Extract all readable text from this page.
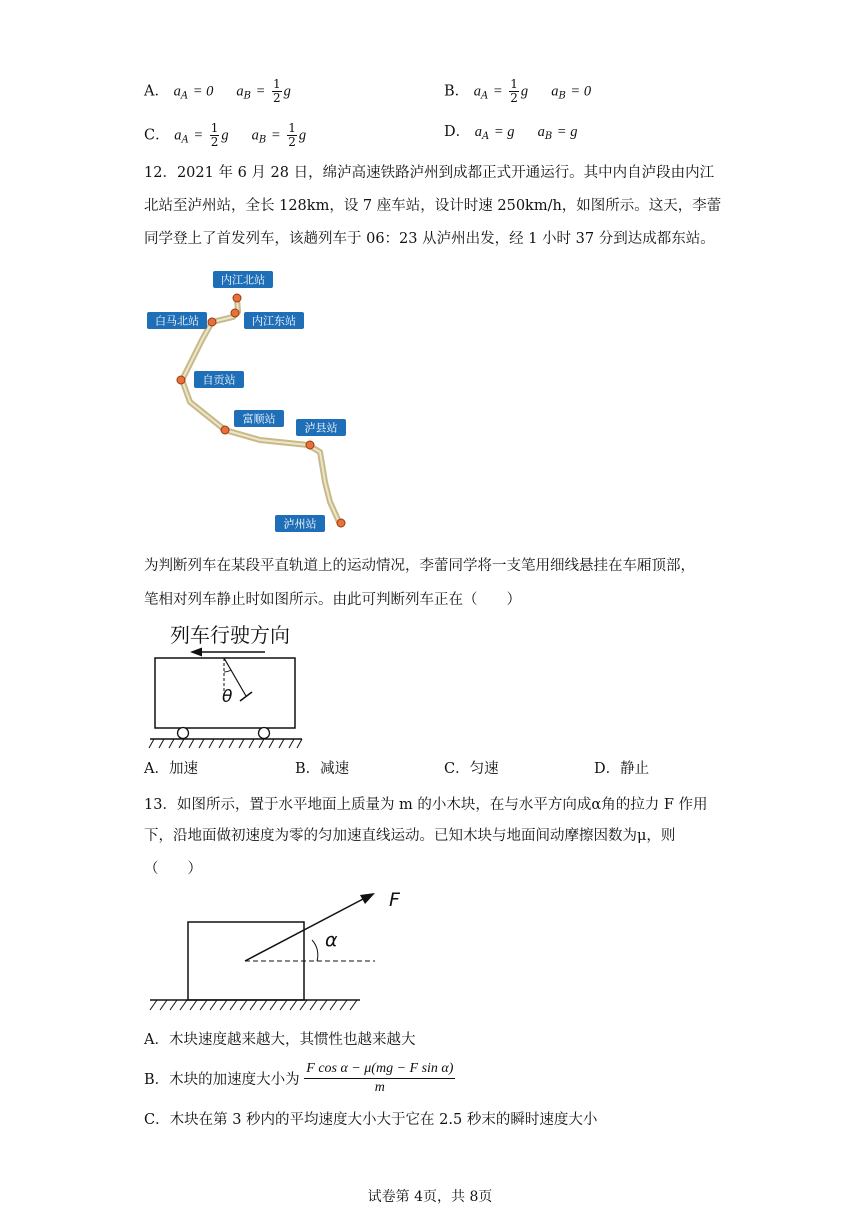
A． $a_A = 0$ $a_B = \frac{1}{2}$ g	B． $a_A = \frac{1}{2}$ g $a_B = 0$
C． $a_A = \frac{1}{2}$ g $a_B = \frac{1}{2}$ g	D． $a_A = g$ $a_B = g$
12．2021 年 6 月 28 日，绵泸高速铁路泸州到成都正式开通运行。其中内自泸段由内江
北站至泸州站，全长 128km，设 7 座车站，设计时速 250km/h，如图所示。这天，李蕾
同学登上了首发列车，该趟列车于 06：23 从泸州出发，经 1 小时 37 分到达成都东站。
内江北站
内江东站
白马北站
自贡站
富顺站
泸县站
泸州站
为判断列车在某段平直轨道上的运动情况，李蕾同学将一支笔用细线悬挂在车厢顶部，
笔相对列车静止时如图所示。由此可判断列车正在（　　）
列车行驶方向
θ
A．加速	B．减速	C．匀速	D．静止
13．如图所示，置于水平地面上质量为 m 的小木块，在与水平方向成α角的拉力 F 作用
下，沿地面做初速度为零的匀加速直线运动。已知木块与地面间动摩擦因数为μ，则
（　　）
F
α
A．木块速度越来越大，其惯性也越来越大
B．木块的加速度大小为 $\frac{\text{F cos α − μ(mg − F sin α)}}{m}$
C．木块在第 3 秒内的平均速度大小大于它在 2.5 秒末的瞬时速度大小
试卷第 4页，共 8页
